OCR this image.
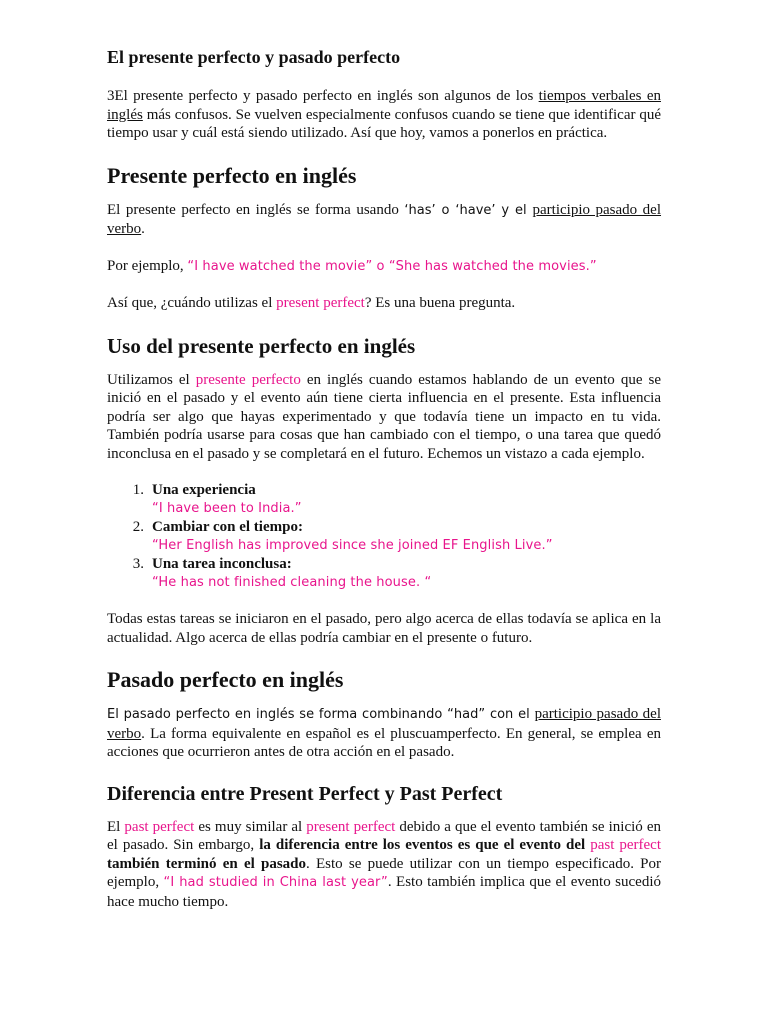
El presente perfecto y pasado perfecto

3El presente perfecto y pasado perfecto en inglés son algunos de los tiempos verbales en inglés más confusos. Se vuelven especialmente confusos cuando se tiene que identificar qué tiempo usar y cuál está siendo utilizado. Así que hoy, vamos a ponerlos en práctica.

Presente perfecto en inglés

El presente perfecto en inglés se forma usando ‘has’ o ‘have’ y el participio pasado del verbo.

Por ejemplo, “I have watched the movie” o “She has watched the movies.”

Así que, ¿cuándo utilizas el present perfect? Es una buena pregunta.

Uso del presente perfecto en inglés

Utilizamos el presente perfecto en inglés cuando estamos hablando de un evento que se inició en el pasado y el evento aún tiene cierta influencia en el presente. Esta influencia podría ser algo que hayas experimentado y que todavía tiene un impacto en tu vida. También podría usarse para cosas que han cambiado con el tiempo, o una tarea que quedó inconclusa en el pasado y se completará en el futuro. Echemos un vistazo a cada ejemplo.

1. Una experiencia
“I have been to India.”
2. Cambiar con el tiempo:
“Her English has improved since she joined EF English Live.”
3. Una tarea inconclusa:
“He has not finished cleaning the house. “

Todas estas tareas se iniciaron en el pasado, pero algo acerca de ellas todavía se aplica en la actualidad. Algo acerca de ellas podría cambiar en el presente o futuro.

Pasado perfecto en inglés

El pasado perfecto en inglés se forma combinando “had” con el participio pasado del verbo. La forma equivalente en español es el pluscuamperfecto. En general, se emplea en acciones que ocurrieron antes de otra acción en el pasado.

Diferencia entre Present Perfect y Past Perfect

El past perfect es muy similar al present perfect debido a que el evento también se inició en el pasado. Sin embargo, la diferencia entre los eventos es que el evento del past perfect también terminó en el pasado. Esto se puede utilizar con un tiempo especificado. Por ejemplo, “I had studied in China last year”. Esto también implica que el evento sucedió hace mucho tiempo.
